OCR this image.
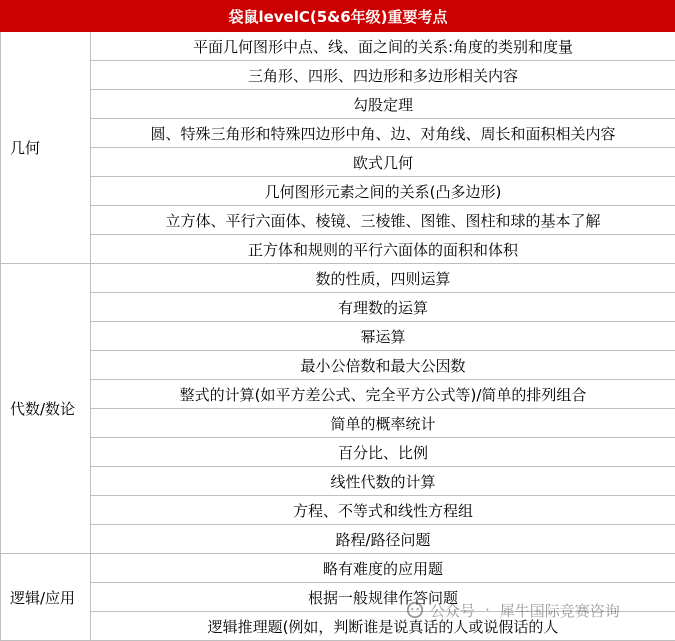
袋鼠levelC(5&6年级)重要考点	
几何	平面几何图形中点、线、面之间的关系:角度的类别和度量
	三角形、四形、四边形和多边形相关内容
	勾股定理
	圆、特殊三角形和特殊四边形中角、边、对角线、周长和面积相关内容
	欧式几何
	几何图形元素之间的关系(凸多边形)
	立方体、平行六面体、棱镜、三棱锥、图锥、图柱和球的基本了解
	正方体和规则的平行六面体的面积和体积
代数/数论	数的性质，四则运算
	有理数的运算
	幂运算
	最小公倍数和最大公因数
	整式的计算(如平方差公式、完全平方公式等)/简单的排列组合
	简单的概率统计
	百分比、比例
	线性代数的计算
	方程、不等式和线性方程组
	路程/路径问题
逻辑/应用	略有难度的应用题
	根据一般规律作答问题
	逻辑推理题(例如，判断谁是说真话的人或说假话的人
公众号 · 犀牛国际竞赛咨询
